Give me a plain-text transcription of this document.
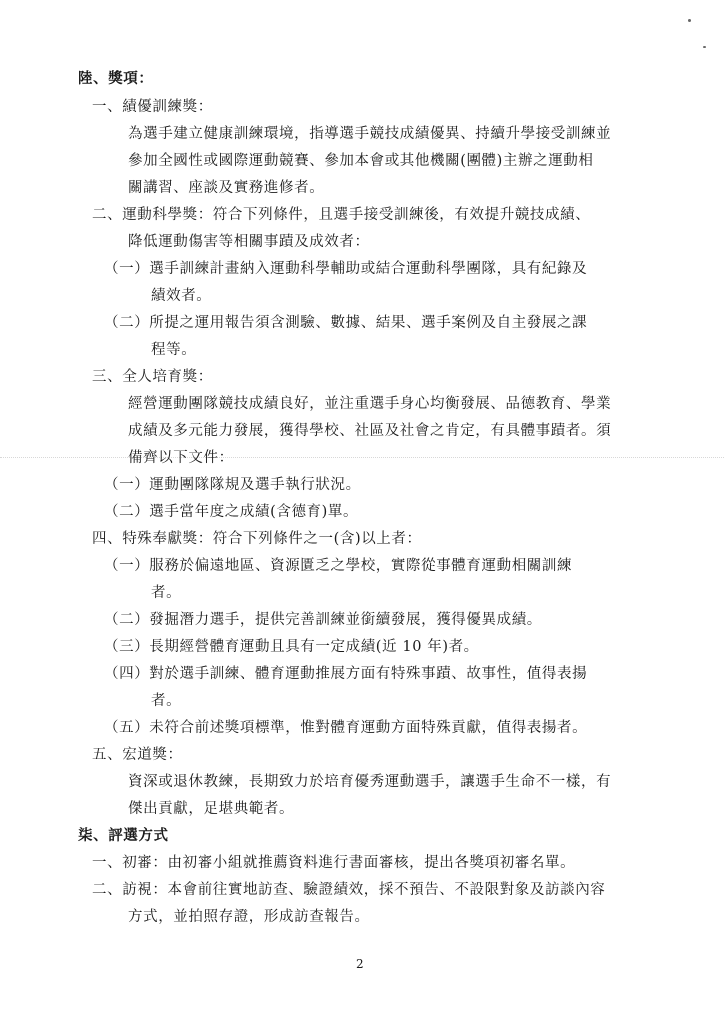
陸、獎項：
一、績優訓練獎：
為選手建立健康訓練環境，指導選手競技成績優異、持續升學接受訓練並
參加全國性或國際運動競賽、參加本會或其他機關(團體)主辦之運動相
關講習、座談及實務進修者。
二、運動科學獎：符合下列條件，且選手接受訓練後，有效提升競技成績、
降低運動傷害等相關事蹟及成效者：
（一）選手訓練計畫納入運動科學輔助或結合運動科學團隊，具有紀錄及
績效者。
（二）所提之運用報告須含測驗、數據、結果、選手案例及自主發展之課
程等。
三、全人培育獎：
經營運動團隊競技成績良好，並注重選手身心均衡發展、品德教育、學業
成績及多元能力發展，獲得學校、社區及社會之肯定，有具體事蹟者。須
備齊以下文件：
（一）運動團隊隊規及選手執行狀況。
（二）選手當年度之成績(含德育)單。
四、特殊奉獻獎：符合下列條件之一(含)以上者：
（一）服務於偏遠地區、資源匱乏之學校，實際從事體育運動相關訓練
者。
（二）發掘潛力選手，提供完善訓練並銜續發展，獲得優異成績。
（三）長期經營體育運動且具有一定成績(近 10 年)者。
（四）對於選手訓練、體育運動推展方面有特殊事蹟、故事性，值得表揚
者。
（五）未符合前述獎項標準，惟對體育運動方面特殊貢獻，值得表揚者。
五、宏道獎：
資深或退休教練，長期致力於培育優秀運動選手，讓選手生命不一樣，有
傑出貢獻，足堪典範者。
柒、評選方式
一、初審：由初審小組就推薦資料進行書面審核，提出各獎項初審名單。
二、訪視：本會前往實地訪查、驗證績效，採不預告、不設限對象及訪談內容
方式，並拍照存證，形成訪查報告。
2
